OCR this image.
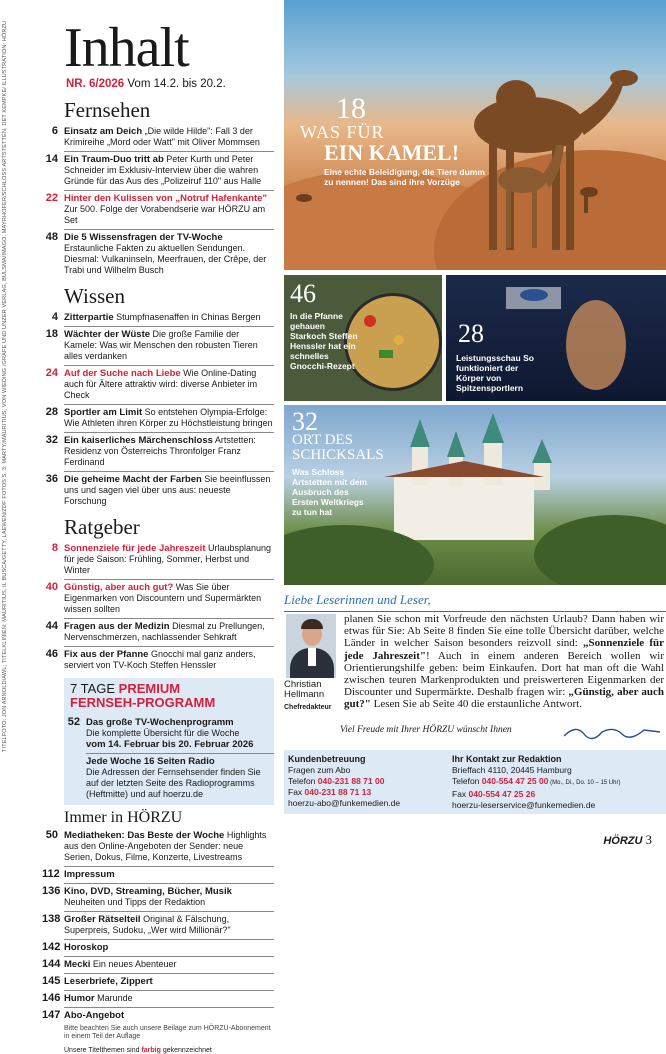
TITELFOTO: JON ARNOLD/AWL; TITELKLINIEN: MAURITIUS, IL BUSCA/GETTY, LAEWEN/ZDF FOTOS S. 3: MARTY/MAURITIUS, VON WIEDING /GRÄFE UND UNZER VERLAG, BULSMA/IMAGO, MAYRHOFER/SCHLOSS ARTSTETTEN, DET KEMPKE/ ILLUSTRATION: HÖRZU Inhalt
NR. 6/2026 Vom 14.2. bis 20.2.
Fernsehen
6 Einsatz am Deich „Die wilde Hilde": Fall 3 der Krimireihe „Mord oder Watt" mit Oliver Mommsen
14 Ein Traum-Duo tritt ab Peter Kurth und Peter Schneider im Exklusiv-Interview über die wahren Gründe für das Aus des „Polizeiruf 110" aus Halle
22 Hinter den Kulissen von „Notruf Hafenkante" Zur 500. Folge der Vorabendserie war HÖRZU am Set
48 Die 5 Wissensfragen der TV-Woche Erstaunliche Fakten zu aktuellen Sendungen. Diesmal: Vulkaninseln, Meerfrauen, der Crêpe, der Trabi und Wilhelm Busch
Wissen
4 Zitterpartie Stumpfnasenaffen in Chinas Bergen
18 Wächter der Wüste Die große Familie der Kamele: Was wir Menschen den robusten Tieren alles verdanken
24 Auf der Suche nach Liebe Wie Online-Dating auch für Ältere attraktiv wird: diverse Anbieter im Check
28 Sportler am Limit So entstehen Olympia-Erfolge: Wie Athleten ihren Körper zu Höchstleistung bringen
32 Ein kaiserliches Märchenschloss Artstetten: Residenz von Österreichs Thronfolger Franz Ferdinand
36 Die geheime Macht der Farben Sie beeinflussen uns und sagen viel über uns aus: neueste Forschung
Ratgeber
8 Sonnenziele für jede Jahreszeit Urlaubsplanung für jede Saison: Frühling, Sommer, Herbst und Winter
40 Günstig, aber auch gut? Was Sie über Eigenmarken von Discountern und Supermärkten wissen sollten
44 Fragen aus der Medizin Diesmal zu Prellungen, Nervenschmerzen, nachlassender Sehkraft
46 Fix aus der Pfanne Gnocchi mal ganz anders, serviert von TV-Koch Steffen Henssler
7 TAGE PREMIUM
FERNSEH-PROGRAMM
52 Das große TV-Wochenprogramm
Die komplette Übersicht für die Woche
vom 14. Februar bis 20. Februar 2026
Jede Woche 16 Seiten Radio
Die Adressen der Fernsehsender finden Sie auf der letzten Seite des Radioprogramms (Heftmitte) und auf hoerzu.de
Immer in HÖRZU
50 Mediatheken: Das Beste der Woche Highlights aus den Online-Angeboten der Sender: neue Serien, Dokus, Filme, Konzerte, Livestreams
112 Impressum
136 Kino, DVD, Streaming, Bücher, Musik Neuheiten und Tipps der Redaktion
138 Großer Rätselteil Original & Fälschung, Superpreis, Sudoku, „Wer wird Millionär?"
142 Horoskop
144 Mecki Ein neues Abenteuer
145 Leserbriefe, Zippert
146 Humor Marunde
147 Abo-Angebot
Bitte beachten Sie auch unsere Beilage zum HÖRZU-Abonnement in einem Teil der Auflage
Unsere Titelthemen sind farbig gekennzeichnet
18
WAS FÜR
EIN KAMEL!
Eine echte Beleidigung, die Tiere dumm zu nennen! Das sind ihre Vorzüge
46
In die Pfanne gehauen Starkoch Steffen Henssler hat ein schnelles Gnocchi-Rezept
28
Leistungsschau So funktioniert der Körper von Spitzensportlern
32
ORT DES
SCHICKSALS
Was Schloss Artstetten mit dem Ausbruch des Ersten Weltkriegs zu tun hat
Liebe Leserinnen und Leser,
Christian
Hellmann
Chefredakteur
planen Sie schon mit Vorfreude den nächsten Urlaub? Dann haben wir etwas für Sie: Ab Seite 8 finden Sie eine tolle Übersicht darüber, welche Länder in welcher Saison besonders reizvoll sind: „Sonnenziele für jede Jahreszeit"! Auch in einem anderen Bereich wollen wir Orientierungshilfe geben: beim Einkaufen. Dort hat man oft die Wahl zwischen teuren Markenprodukten und preiswerteren Eigenmarken der Discounter und Supermärkte. Deshalb fragen wir: „Günstig, aber auch gut?" Lesen Sie ab Seite 40 die erstaunliche Antwort.
Viel Freude mit Ihrer HÖRZU wünscht Ihnen
Kundenbetreuung
Fragen zum Abo
Telefon 040-231 88 71 00
Fax 040-231 88 71 13
hoerzu-abo@funkemedien.de
Ihr Kontakt zur Redaktion
Brieffach 4110, 20445 Hamburg
Telefon 040-554 47 25 00 (Mo., Di., Do. 10 – 15 Uhr)
Fax 040-554 47 25 26
hoerzu-leserservice@funkemedien.de
HÖRZU 3
